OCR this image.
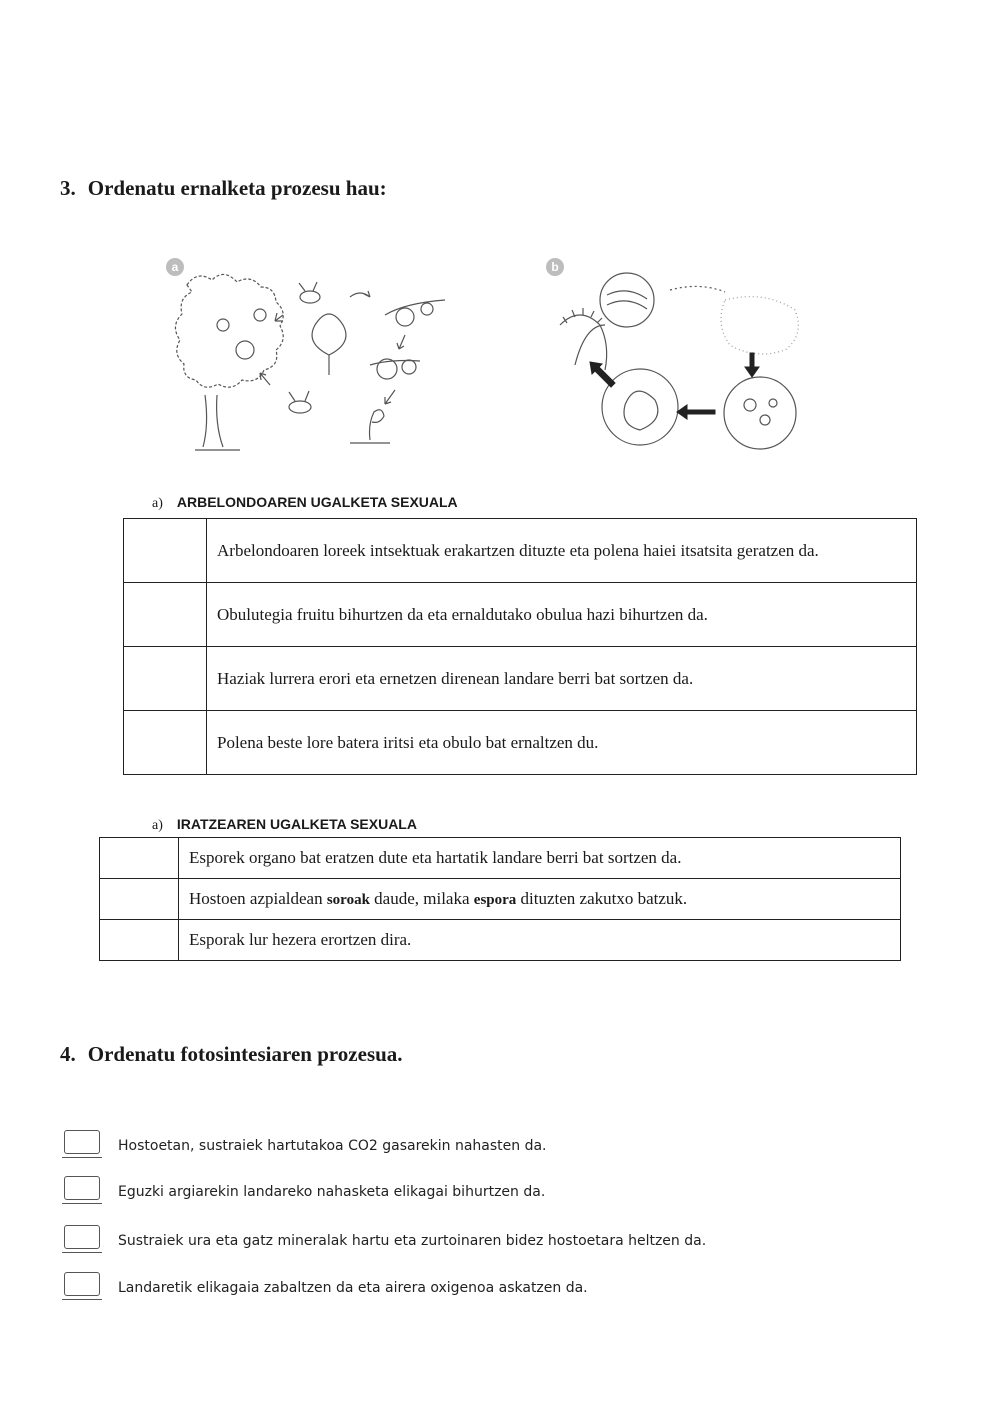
3. Ordenatu ernalketa prozesu hau:
a	b

a) ARBELONDOAREN UGALKETA SEXUALA

	Arbelondoaren loreek intsektuak erakartzen dituzte eta polena haiei itsatsita geratzen da.
	Obulutegia fruitu bihurtzen da eta ernaldutako obulua hazi bihurtzen da.
	Haziak lurrera erori eta ernetzen direnean landare berri bat sortzen da.
	Polena beste lore batera iritsi eta obulo bat ernaltzen du.

a) IRATZEAREN UGALKETA SEXUALA

	Esporek organo bat eratzen dute eta hartatik landare berri bat sortzen da.
	Hostoen azpialdean soroak daude, milaka espora dituzten zakutxo batzuk.
	Esporak lur hezera erortzen dira.
4. Ordenatu fotosintesiaren prozesua.
Hostoetan, sustraiek hartutakoa CO2 gasarekin nahasten da.
Eguzki argiarekin landareko nahasketa elikagai bihurtzen da.
Sustraiek ura eta gatz mineralak hartu eta zurtoinaren bidez hostoetara heltzen da.
Landaretik elikagaia zabaltzen da eta airera oxigenoa askatzen da.
